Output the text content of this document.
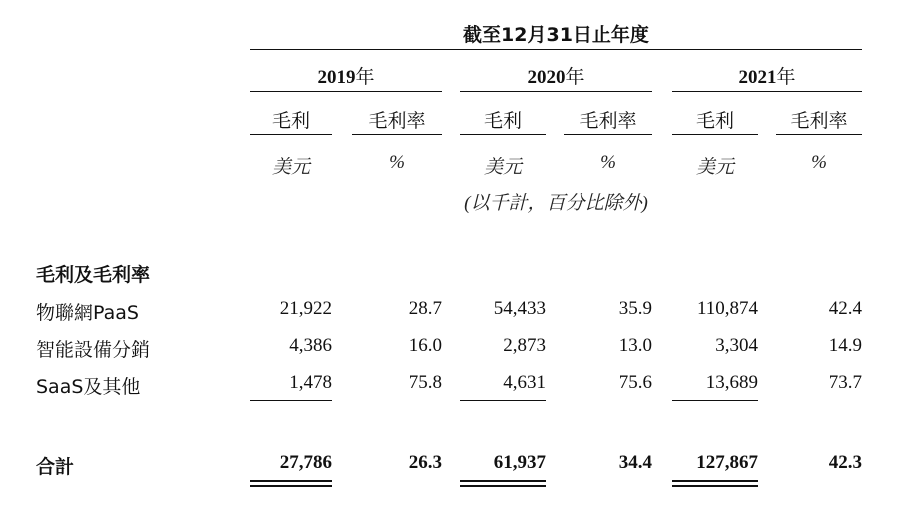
截至12月31日止年度
2019年	2020年	2021年
毛利	毛利率	毛利	毛利率	毛利	毛利率
美元	%	美元	%	美元	%
(以千計，百分比除外)
毛利及毛利率
物聯網PaaS	21,922	28.7	54,433	35.9	110,874	42.4
智能設備分銷	4,386	16.0	2,873	13.0	3,304	14.9
SaaS及其他	1,478	75.8	4,631	75.6	13,689	73.7
合計	27,786	26.3	61,937	34.4	127,867	42.3
